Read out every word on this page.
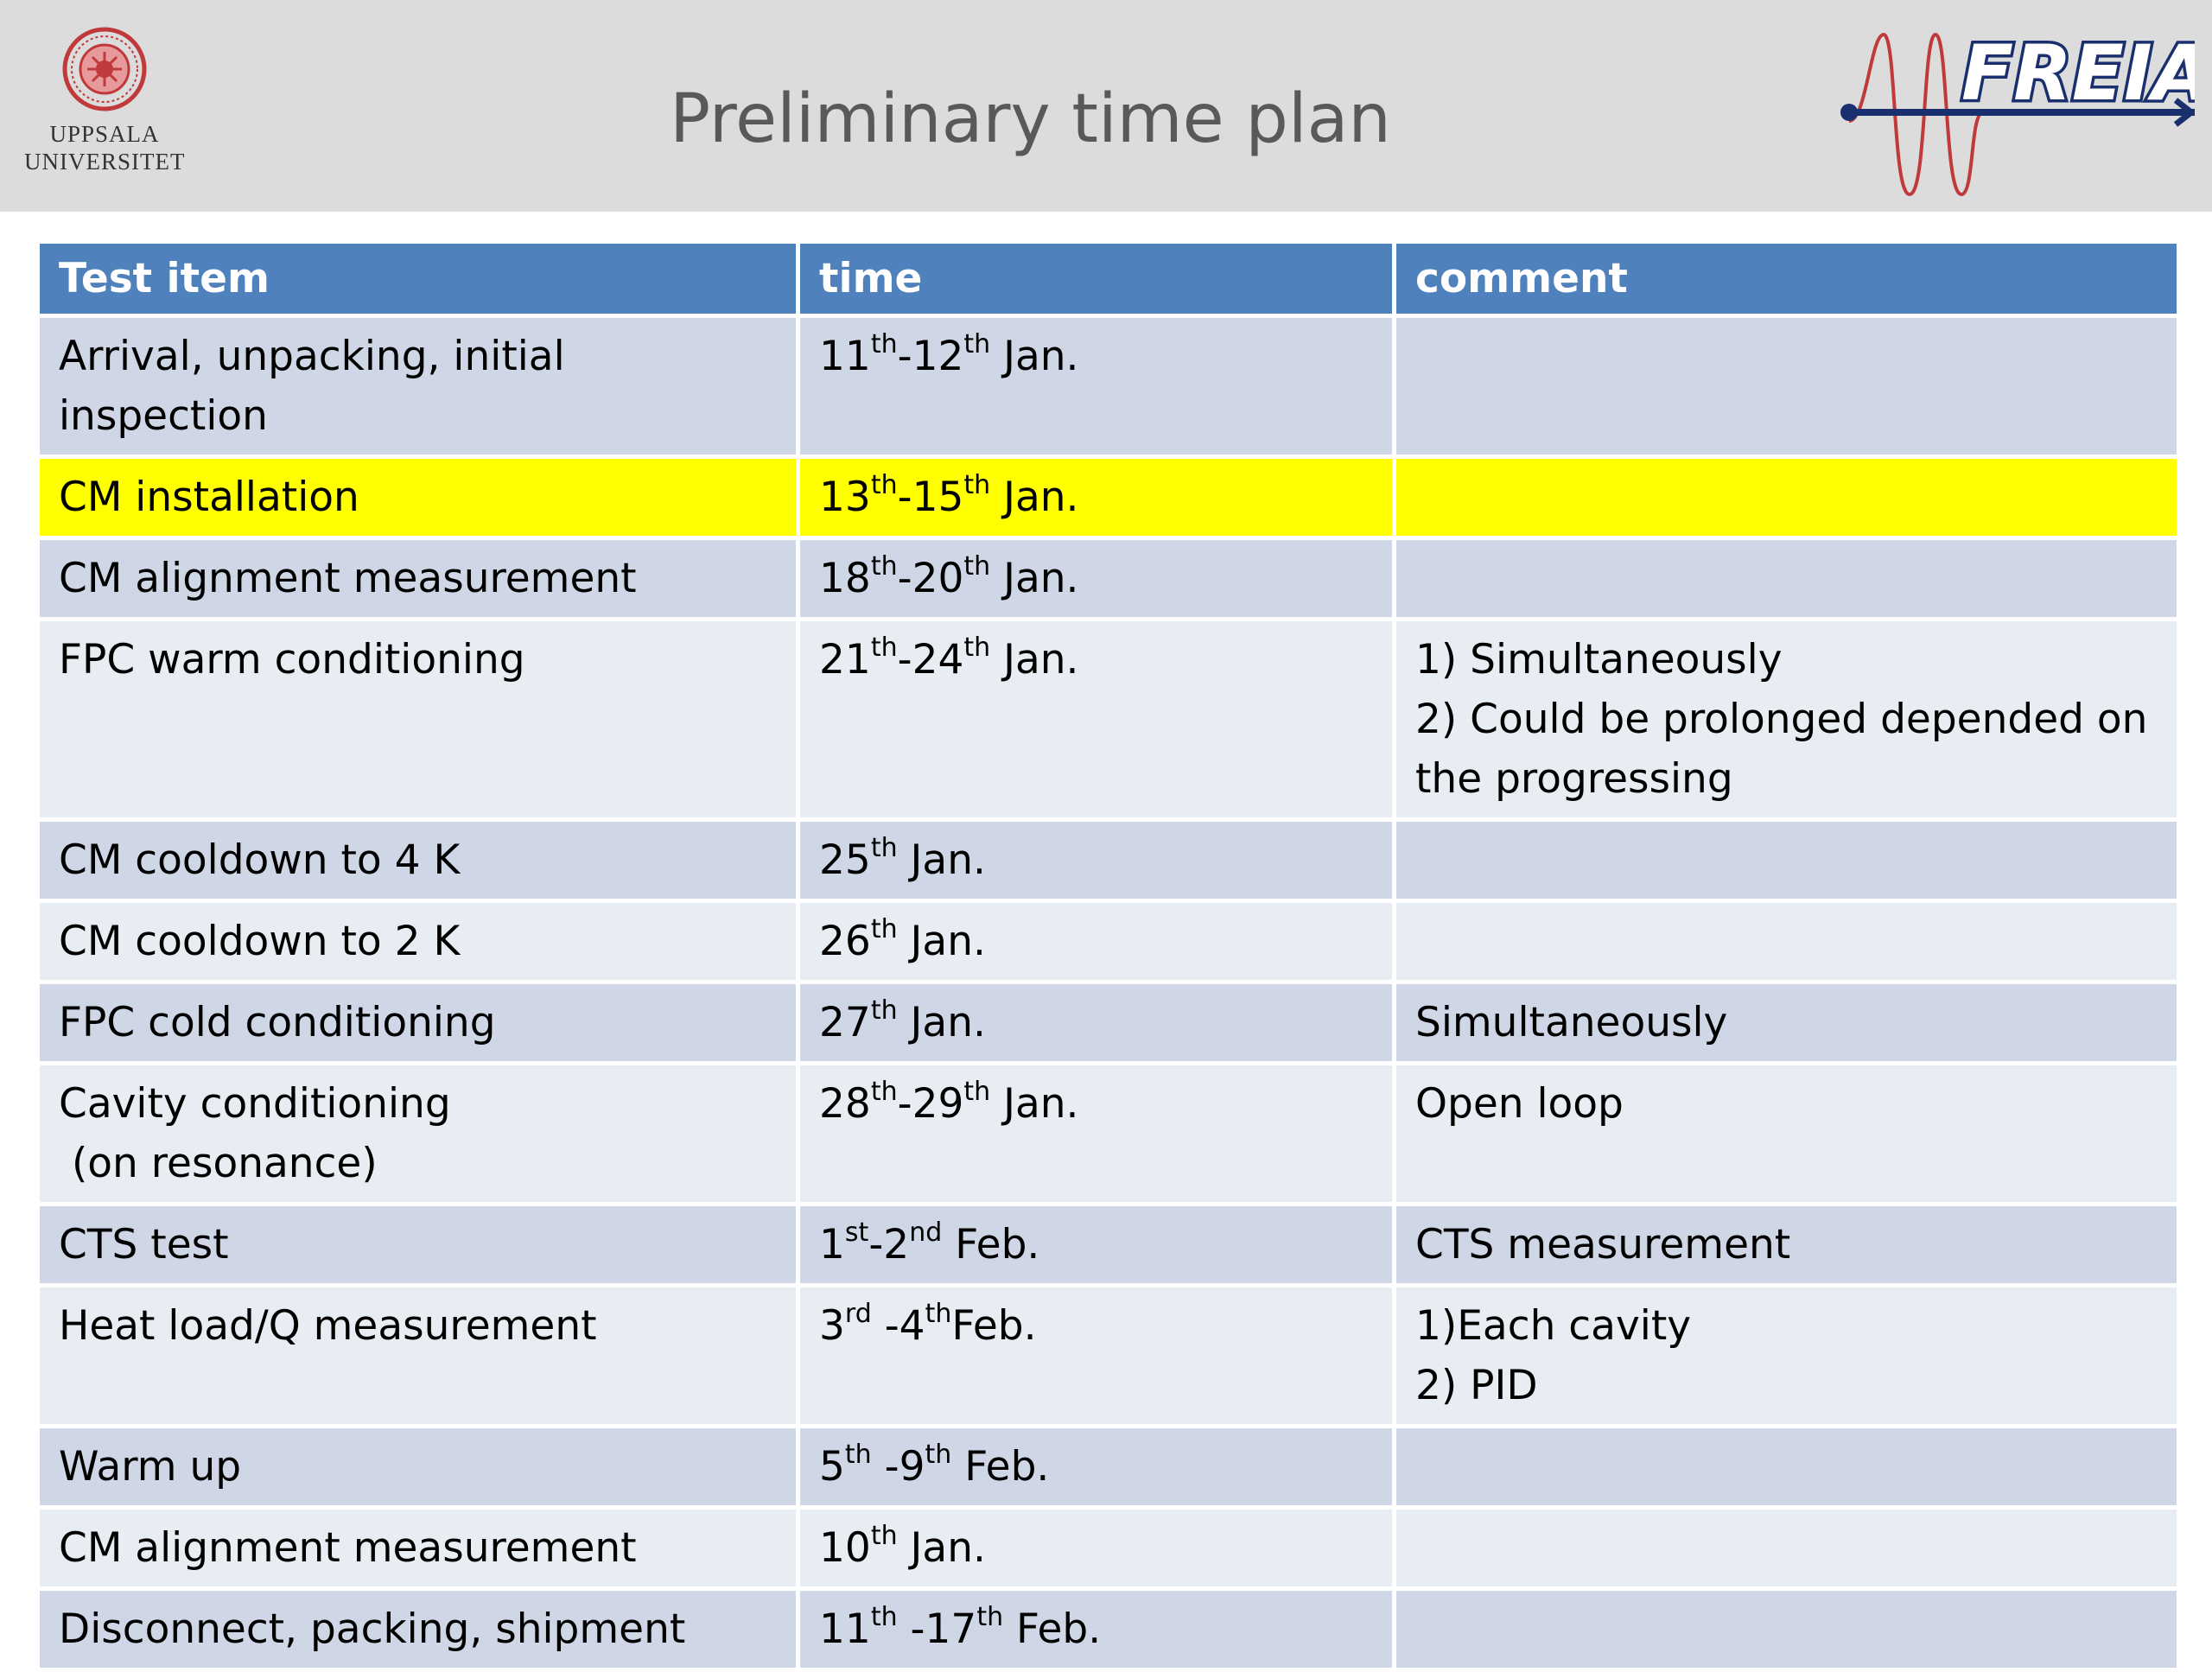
UPPSALA
UNIVERSITET
Preliminary time plan
FREIA
Test item	time	comment
Arrival, unpacking, initial inspection	11th-12th Jan.	
CM installation	13th-15th Jan.	
CM alignment measurement	18th-20th Jan.	
FPC warm conditioning	21th-24th Jan.	1) Simultaneously
2) Could be prolonged depended on
the progressing

CM cooldown to 4 K	25th Jan.	
CM cooldown to 2 K	26th Jan.	
FPC cold conditioning	27th Jan.	Simultaneously

Cavity conditioning
(on resonance)	28th-29th Jan.	Open loop
CTS test	1st-2nd Feb.	CTS measurement
Heat load/Q measurement	3rd -4thFeb.	1)Each cavity
2) PID

Warm up	5th -9th Feb.	
CM alignment measurement	10th Jan.	
Disconnect, packing, shipment	11th -17th Feb.	
